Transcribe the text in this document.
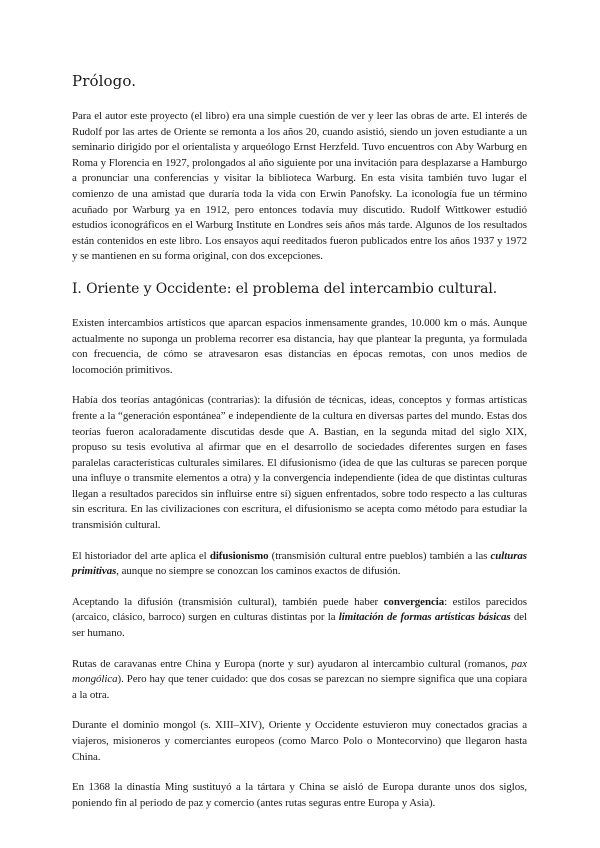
Prólogo.

Para el autor este proyecto (el libro) era una simple cuestión de ver y leer las obras de arte. El interés de Rudolf por las artes de Oriente se remonta a los años 20, cuando asistió, siendo un joven estudiante a un seminario dirigido por el orientalista y arqueólogo Ernst Herzfeld. Tuvo encuentros con Aby Warburg en Roma y Florencia en 1927, prolongados al año siguiente por una invitación para desplazarse a Hamburgo a pronunciar una conferencias y visitar la biblioteca Warburg. En esta visita también tuvo lugar el comienzo de una amistad que duraría toda la vida con Erwin Panofsky. La iconología fue un término acuñado por Warburg ya en 1912, pero entonces todavía muy discutido. Rudolf Wittkower estudió estudios iconográficos en el Warburg Institute en Londres seis años más tarde. Algunos de los resultados están contenidos en este libro. Los ensayos aquí reeditados fueron publicados entre los años 1937 y 1972 y se mantienen en su forma original, con dos excepciones.

I. Oriente y Occidente: el problema del intercambio cultural.

Existen intercambios artísticos que aparcan espacios inmensamente grandes, 10.000 km o más. Aunque actualmente no suponga un problema recorrer esa distancia, hay que plantear la pregunta, ya formulada con frecuencia, de cómo se atravesaron esas distancias en épocas remotas, con unos medios de locomoción primitivos.

Había dos teorías antagónicas (contrarias): la difusión de técnicas, ideas, conceptos y formas artísticas frente a la “generación espontánea” e independiente de la cultura en diversas partes del mundo. Estas dos teorías fueron acaloradamente discutidas desde que A. Bastian, en la segunda mitad del siglo XIX, propuso su tesis evolutiva al afirmar que en el desarrollo de sociedades diferentes surgen en fases paralelas características culturales similares. El difusionismo (idea de que las culturas se parecen porque una influye o transmite elementos a otra) y la convergencia independiente (idea de que distintas culturas llegan a resultados parecidos sin influirse entre sí) siguen enfrentados, sobre todo respecto a las culturas sin escritura. En las civilizaciones con escritura, el difusionismo se acepta como método para estudiar la transmisión cultural.

El historiador del arte aplica el difusionismo (transmisión cultural entre pueblos) también a las culturas primitivas, aunque no siempre se conozcan los caminos exactos de difusión.

Aceptando la difusión (transmisión cultural), también puede haber convergencia: estilos parecidos (arcaico, clásico, barroco) surgen en culturas distintas por la limitación de formas artísticas básicas del ser humano.

Rutas de caravanas entre China y Europa (norte y sur) ayudaron al intercambio cultural (romanos, pax mongólica). Pero hay que tener cuidado: que dos cosas se parezcan no siempre significa que una copiara a la otra.

Durante el dominio mongol (s. XIII–XIV), Oriente y Occidente estuvieron muy conectados gracias a viajeros, misioneros y comerciantes europeos (como Marco Polo o Montecorvino) que llegaron hasta China.

En 1368 la dinastía Ming sustituyó a la tártara y China se aisló de Europa durante unos dos siglos, poniendo fin al periodo de paz y comercio (antes rutas seguras entre Europa y Asia).
